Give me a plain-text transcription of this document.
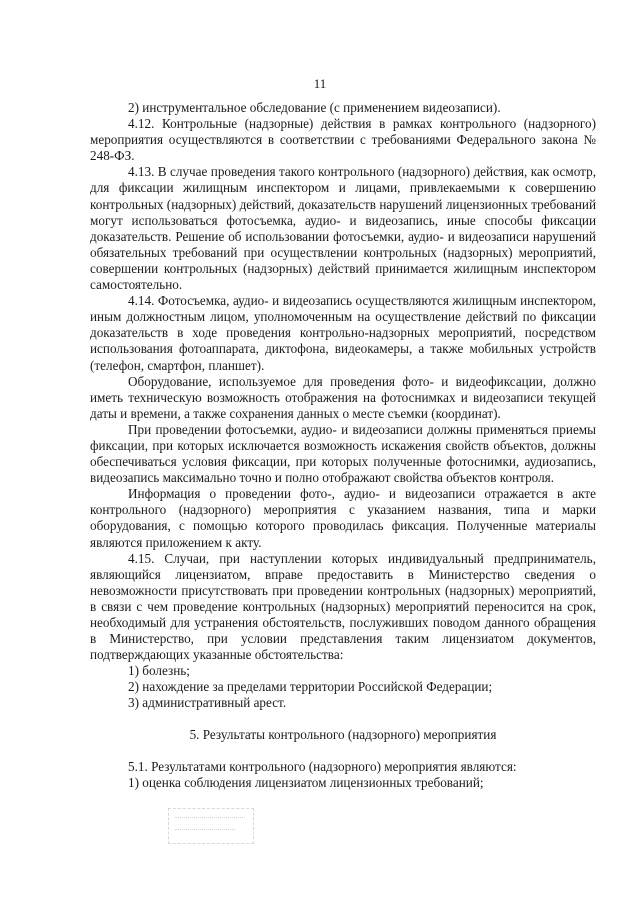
11

2) инструментальное обследование (с применением видеозаписи).

4.12. Контрольные (надзорные) действия в рамках контрольного (надзорного) мероприятия осуществляются в соответствии с требованиями Федерального закона № 248-ФЗ.

4.13. В случае проведения такого контрольного (надзорного) действия, как осмотр, для фиксации жилищным инспектором и лицами, привлекаемыми к совершению контрольных (надзорных) действий, доказательств нарушений лицензионных требований могут использоваться фотосъемка, аудио- и видеозапись, иные способы фиксации доказательств. Решение об использовании фотосъемки, аудио- и видеозаписи нарушений обязательных требований при осуществлении контрольных (надзорных) мероприятий, совершении контрольных (надзорных) действий принимается жилищным инспектором самостоятельно.

4.14. Фотосъемка, аудио- и видеозапись осуществляются жилищным инспектором, иным должностным лицом, уполномоченным на осуществление действий по фиксации доказательств в ходе проведения контрольно-надзорных мероприятий, посредством использования фотоаппарата, диктофона, видеокамеры, а также мобильных устройств (телефон, смартфон, планшет).

Оборудование, используемое для проведения фото- и видеофиксации, должно иметь техническую возможность отображения на фотоснимках и видеозаписи текущей даты и времени, а также сохранения данных о месте съемки (координат).

При проведении фотосъемки, аудио- и видеозаписи должны применяться приемы фиксации, при которых исключается возможность искажения свойств объектов, должны обеспечиваться условия фиксации, при которых полученные фотоснимки, аудиозапись, видеозапись максимально точно и полно отображают свойства объектов контроля.

Информация о проведении фото-, аудио- и видеозаписи отражается в акте контрольного (надзорного) мероприятия с указанием названия, типа и марки оборудования, с помощью которого проводилась фиксация. Полученные материалы являются приложением к акту.

4.15. Случаи, при наступлении которых индивидуальный предприниматель, являющийся лицензиатом, вправе предоставить в Министерство сведения о невозможности присутствовать при проведении контрольных (надзорных) мероприятий, в связи с чем проведение контрольных (надзорных) мероприятий переносится на срок, необходимый для устранения обстоятельств, послуживших поводом данного обращения в Министерство, при условии представления таким лицензиатом документов, подтверждающих указанные обстоятельства:

1) болезнь;

2) нахождение за пределами территории Российской Федерации;

3) административный арест.

5. Результаты контрольного (надзорного) мероприятия

5.1. Результатами контрольного (надзорного) мероприятия являются:

1) оценка соблюдения лицензиатом лицензионных требований;
